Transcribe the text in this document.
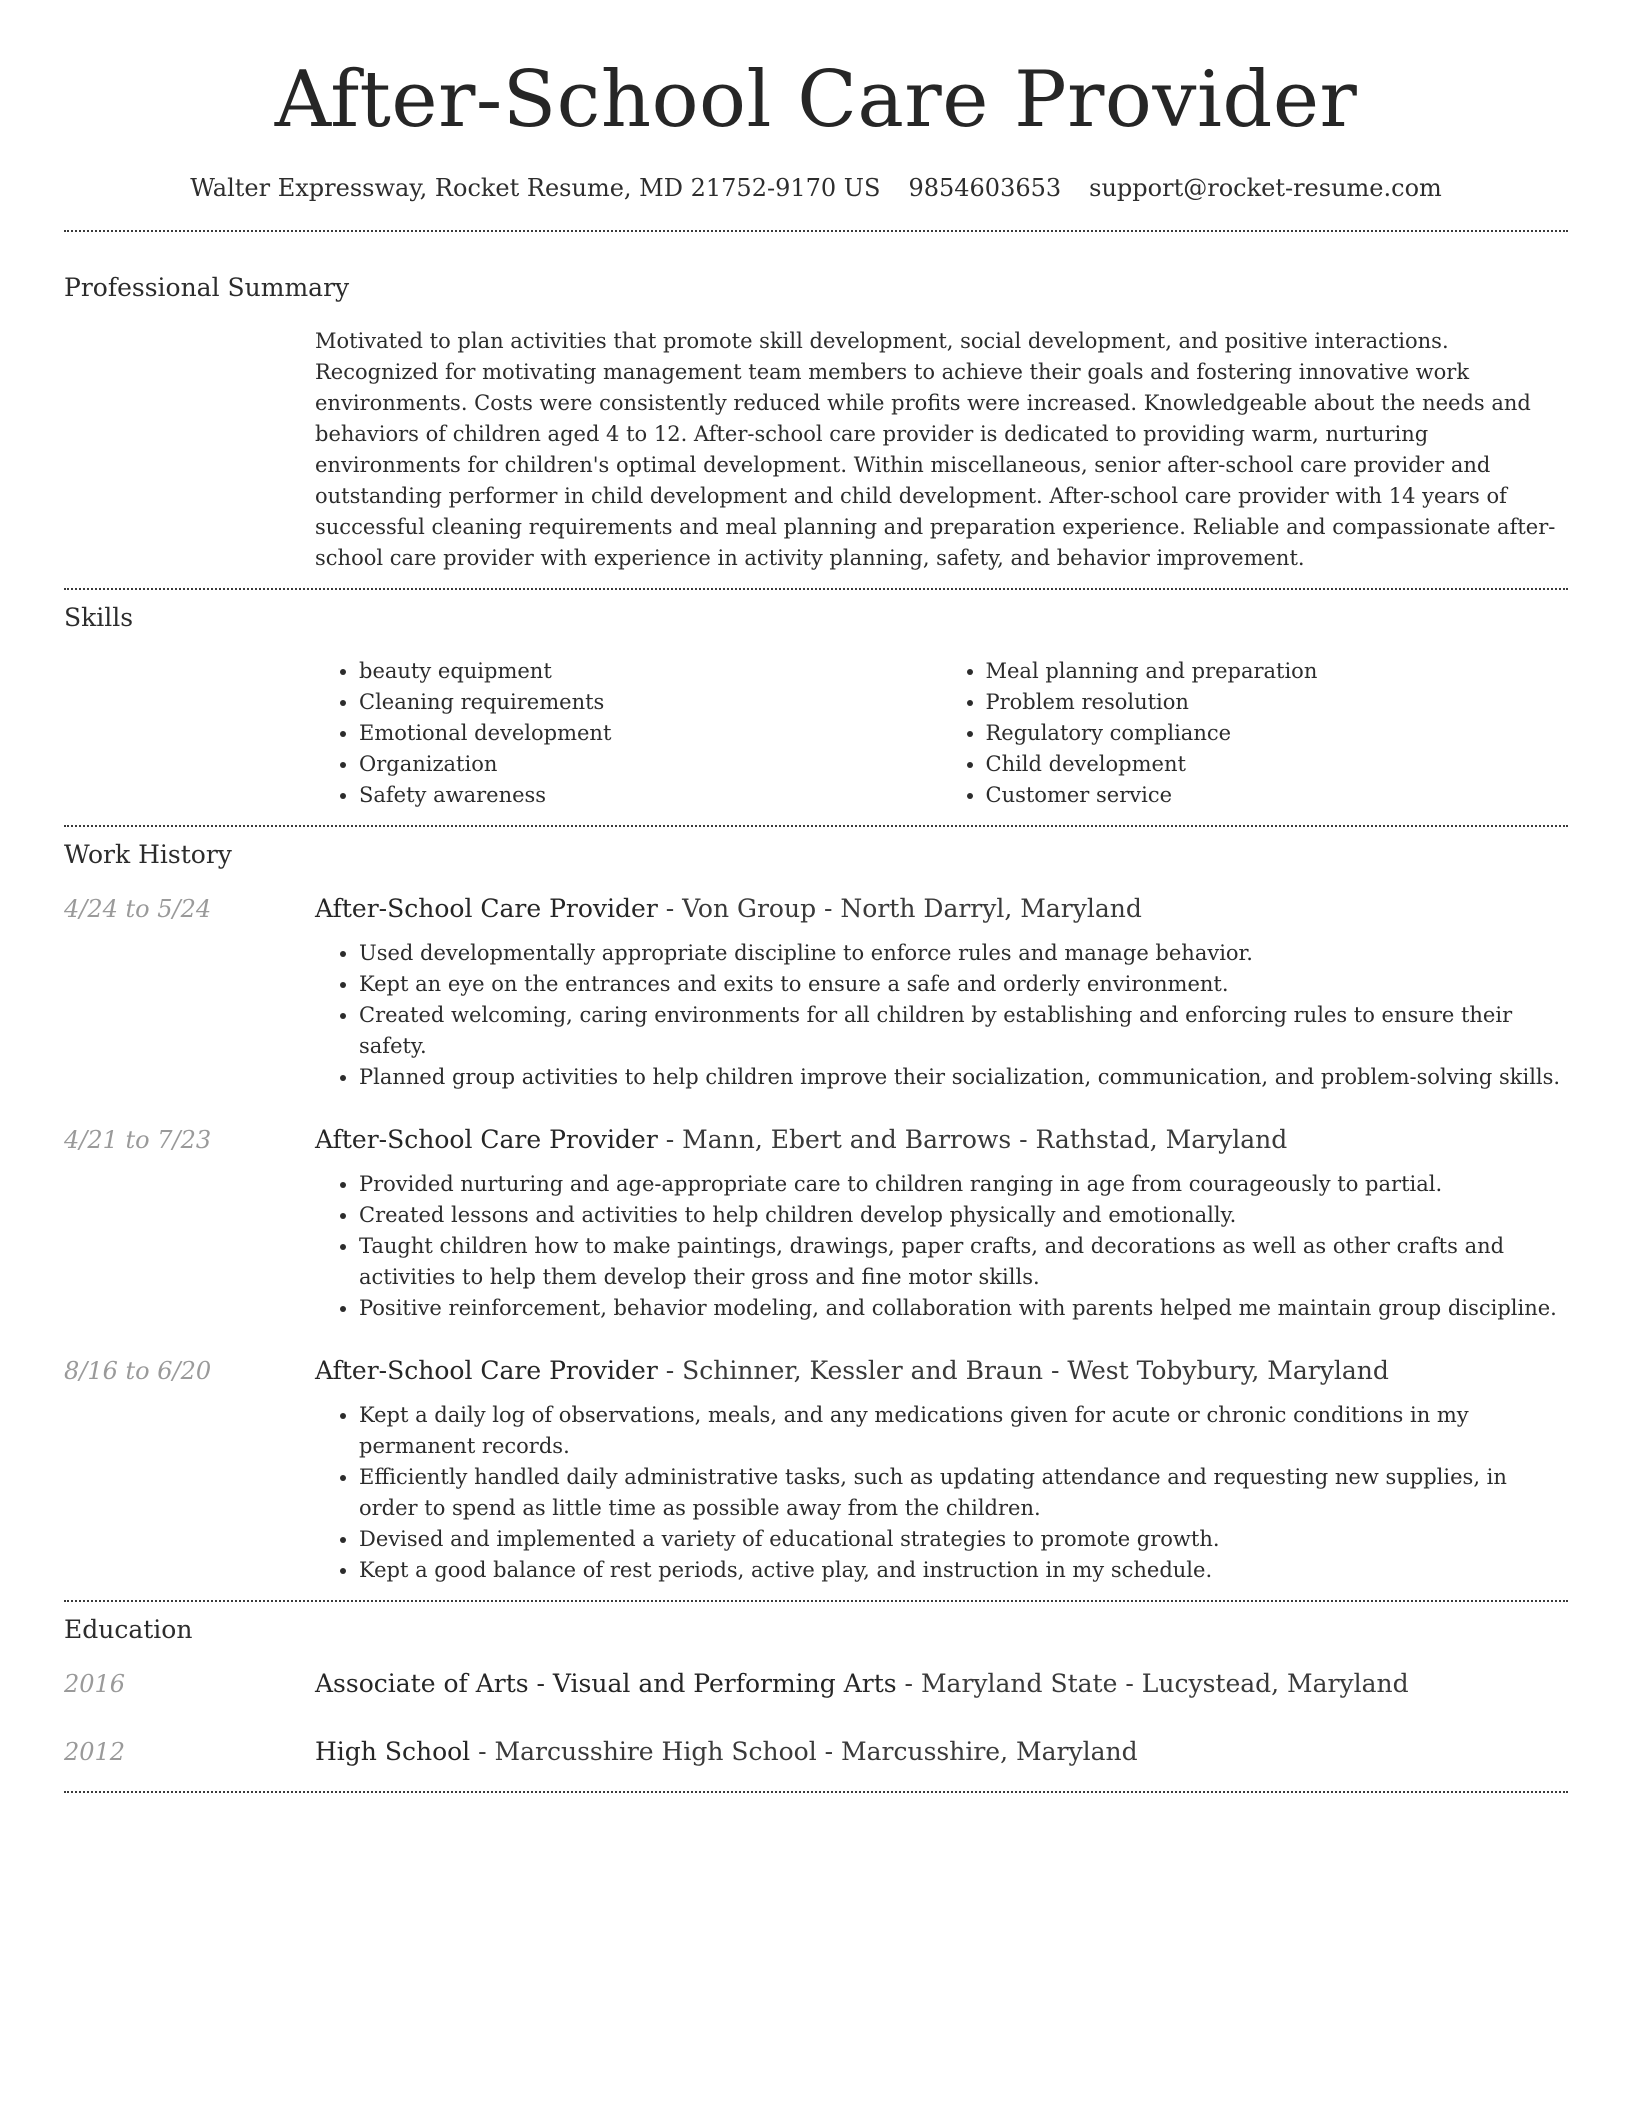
After-School Care Provider
Walter Expressway, Rocket Resume, MD 21752-9170 US 9854603653 support@rocket-resume.com
Professional Summary

Motivated to plan activities that promote skill development, social development, and positive interactions. Recognized for motivating management team members to achieve their goals and fostering innovative work environments. Costs were consistently reduced while profits were increased. Knowledgeable about the needs and behaviors of children aged 4 to 12. After-school care provider is dedicated to providing warm, nurturing environments for children's optimal development. Within miscellaneous, senior after-school care provider and outstanding performer in child development and child development. After-school care provider with 14 years of successful cleaning requirements and meal planning and preparation experience. Reliable and compassionate after-school care provider with experience in activity planning, safety, and behavior improvement.

Skills
• beauty equipment
• Cleaning requirements
• Emotional development
• Organization
• Safety awareness
• Meal planning and preparation
• Problem resolution
• Regulatory compliance
• Child development
• Customer service
Work History
4/24 to 5/24	After-School Care Provider - Von Group - North Darryl, Maryland
• Used developmentally appropriate discipline to enforce rules and manage behavior.
• Kept an eye on the entrances and exits to ensure a safe and orderly environment.
• Created welcoming, caring environments for all children by establishing and enforcing rules to ensure their safety.
• Planned group activities to help children improve their socialization, communication, and problem-solving skills.
4/21 to 7/23	After-School Care Provider - Mann, Ebert and Barrows - Rathstad, Maryland
• Provided nurturing and age-appropriate care to children ranging in age from courageously to partial.
• Created lessons and activities to help children develop physically and emotionally.
• Taught children how to make paintings, drawings, paper crafts, and decorations as well as other crafts and activities to help them develop their gross and fine motor skills.
• Positive reinforcement, behavior modeling, and collaboration with parents helped me maintain group discipline.
8/16 to 6/20	After-School Care Provider - Schinner, Kessler and Braun - West Tobybury, Maryland
• Kept a daily log of observations, meals, and any medications given for acute or chronic conditions in my permanent records.
• Efficiently handled daily administrative tasks, such as updating attendance and requesting new supplies, in order to spend as little time as possible away from the children.
• Devised and implemented a variety of educational strategies to promote growth.
• Kept a good balance of rest periods, active play, and instruction in my schedule.
Education
2016	Associate of Arts - Visual and Performing Arts - Maryland State - Lucystead, Maryland
2012	High School - Marcusshire High School - Marcusshire, Maryland
